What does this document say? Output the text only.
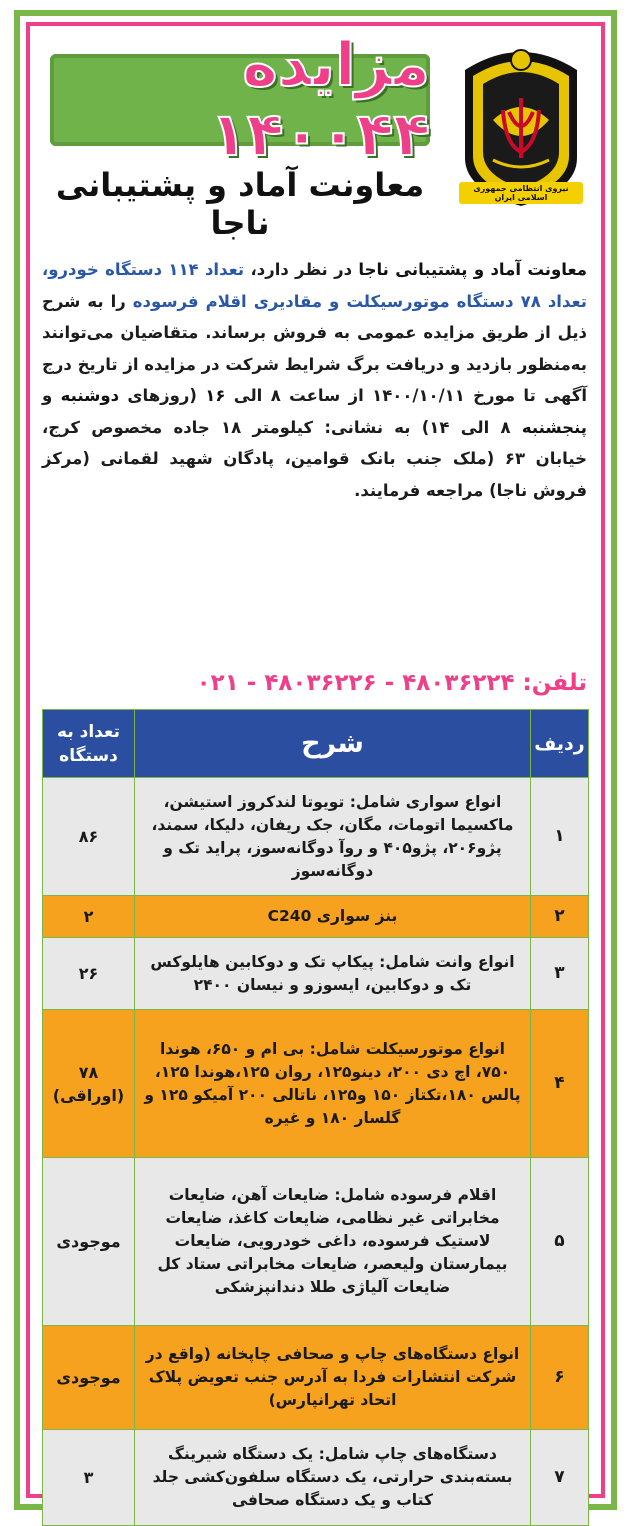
نیروی انتظامی جمهوری اسلامی ایران
مزایده ۱۴۰۰۴۴
معاونت آماد و پشتیبانی ناجا
معاونت آماد و پشتیبانی ناجا در نظر دارد، تعداد ۱۱۴ دستگاه خودرو، تعداد ۷۸ دستگاه موتورسیکلت و مقادیری اقلام فرسوده را به شرح ذیل از طریق مزایده عمومی به فروش برساند. متقاضیان می‌توانند به‌منظور بازدید و دریافت برگ شرایط شرکت در مزایده از تاریخ درج آگهی تا مورخ ۱۴۰۰/۱۰/۱۱ از ساعت ۸ الی ۱۶ (روزهای دوشنبه و پنجشنبه ۸ الی ۱۴) به نشانی: کیلومتر ۱۸ جاده مخصوص کرج، خیابان ۶۳ (ملک جنب بانک قوامین، پادگان شهید لقمانی (مرکز فروش ناجا) مراجعه فرمایند.
تلفن: ۴۸۰۳۶۲۲۴ - ۴۸۰۳۶۲۲۶ - ۰۲۱
ردیف	شرح	تعداد به دستگاه
۱	انواع سواری شامل: تویوتا لندکروز استیشن، ماکسیما اتومات، مگان، جک ریفان، دلیکا، سمند، پژو۲۰۶، پژو۴۰۵ و روآ دوگانه‌سوز، پراید تک و دوگانه‌سوز	۸۶
۲	بنز سواری C240	۲
۳	انواع وانت شامل: پیکاپ تک و دوکابین هایلوکس تک و دوکابین، ایسوزو و نیسان ۲۴۰۰	۲۶
۴	انواع موتورسیکلت شامل: بی ام و ۶۵۰، هوندا ۷۵۰، اچ دی ۲۰۰، دینو۱۲۵، روان ۱۲۵،هوندا ۱۲۵، پالس ۱۸۰،تکتاز ۱۵۰ و۱۲۵، ناتالی ۲۰۰ آمیکو ۱۲۵ و گلسار ۱۸۰ و غیره	۷۸ (اوراقی)
۵	اقلام فرسوده شامل: ضایعات آهن، ضایعات مخابراتی غیر نظامی، ضایعات کاغذ، ضایعات لاستیک فرسوده، داغی خودرویی، ضایعات بیمارستان ولیعصر، ضایعات مخابراتی ستاد کل ضایعات آلیاژی طلا دندانپزشکی	موجودی
۶	انواع دستگاه‌های چاپ و صحافی چاپخانه (واقع در شرکت انتشارات فردا به آدرس جنب تعویض پلاک اتحاد تهرانپارس)	موجودی
۷	دستگاه‌های چاپ شامل: یک دستگاه شیرینگ بسته‌بندی حرارتی، یک دستگاه سلفون‌کشی جلد کتاب و یک دستگاه صحافی	۳
